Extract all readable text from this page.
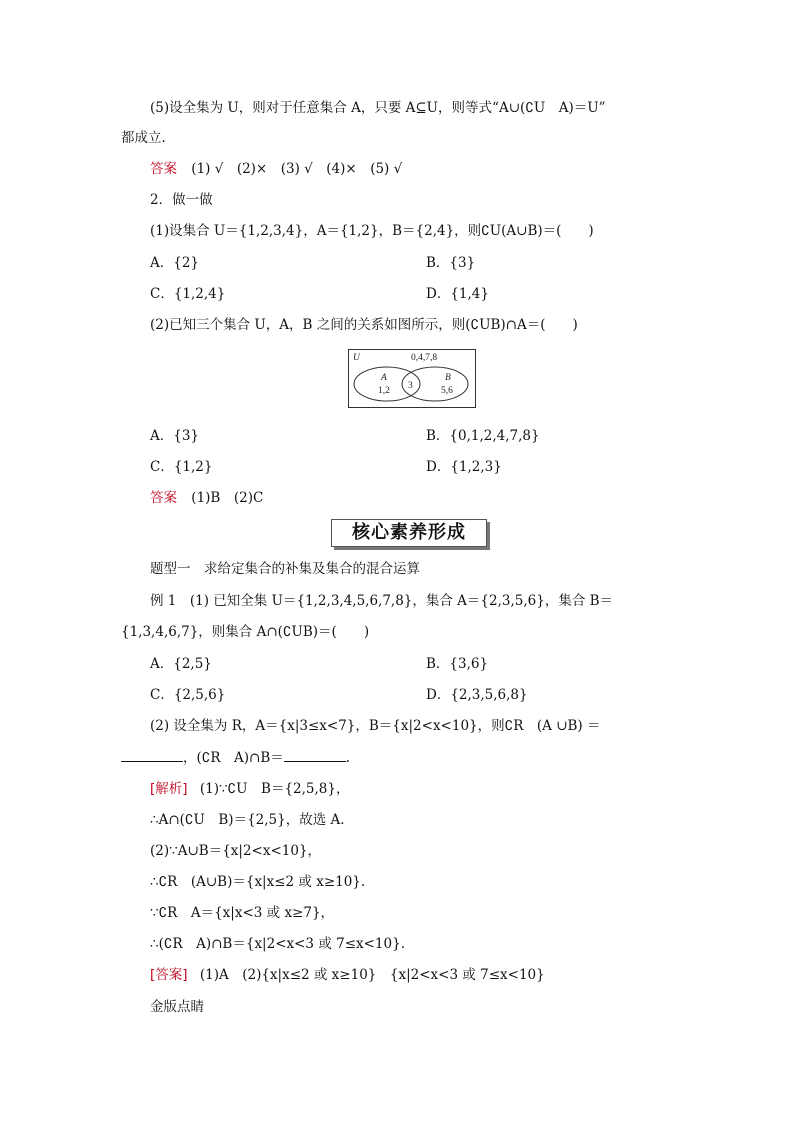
(5)设全集为 U，则对于任意集合 A，只要 A⊆U，则等式“A∪(∁U　A)＝U”
都成立.
答案 (1) √　(2)×　(3) √　(4)×　(5) √
2．做一做
(1)设集合 U＝{1,2,3,4}，A＝{1,2}，B＝{2,4}，则∁U(A∪B)＝(　　)
A．{2}	B．{3}
C．{1,2,4}	D．{1,4}
(2)已知三个集合 U，A，B 之间的关系如图所示，则(∁UB)∩A＝(　　)
U	0,4,7,8
A
1,2 3
B
5,6
A．{3}	B．{0,1,2,4,7,8}
C．{1,2}	D．{1,2,3}
答案 (1)B　(2)C
核心素养形成
题型一　求给定集合的补集及集合的混合运算
例 1　(1) 已知全集 U＝{1,2,3,4,5,6,7,8}，集合 A＝{2,3,5,6}，集合 B＝
{1,3,4,6,7}，则集合 A∩(∁UB)＝(　　)
A．{2,5}	B．{3,6}
C．{2,5,6}	D．{2,3,5,6,8}
(2) 设全集为 R，A＝{x|3≤x<7}，B＝{x|2<x<10}，则∁R　(A ∪B) ＝
，(∁R　A)∩B＝	.
[解析] (1)∵∁U　B＝{2,5,8}，
∴A∩(∁U　B)＝{2,5}，故选 A.
(2)∵A∪B＝{x|2<x<10}，
∴∁R　(A∪B)＝{x|x≤2 或 x≥10}.
∵∁R　A＝{x|x<3 或 x≥7}，
∴(∁R　A)∩B＝{x|2<x<3 或 7≤x<10}.
[答案] (1)A　(2){x|x≤2 或 x≥10}　{x|2<x<3 或 7≤x<10}
金版点睛
